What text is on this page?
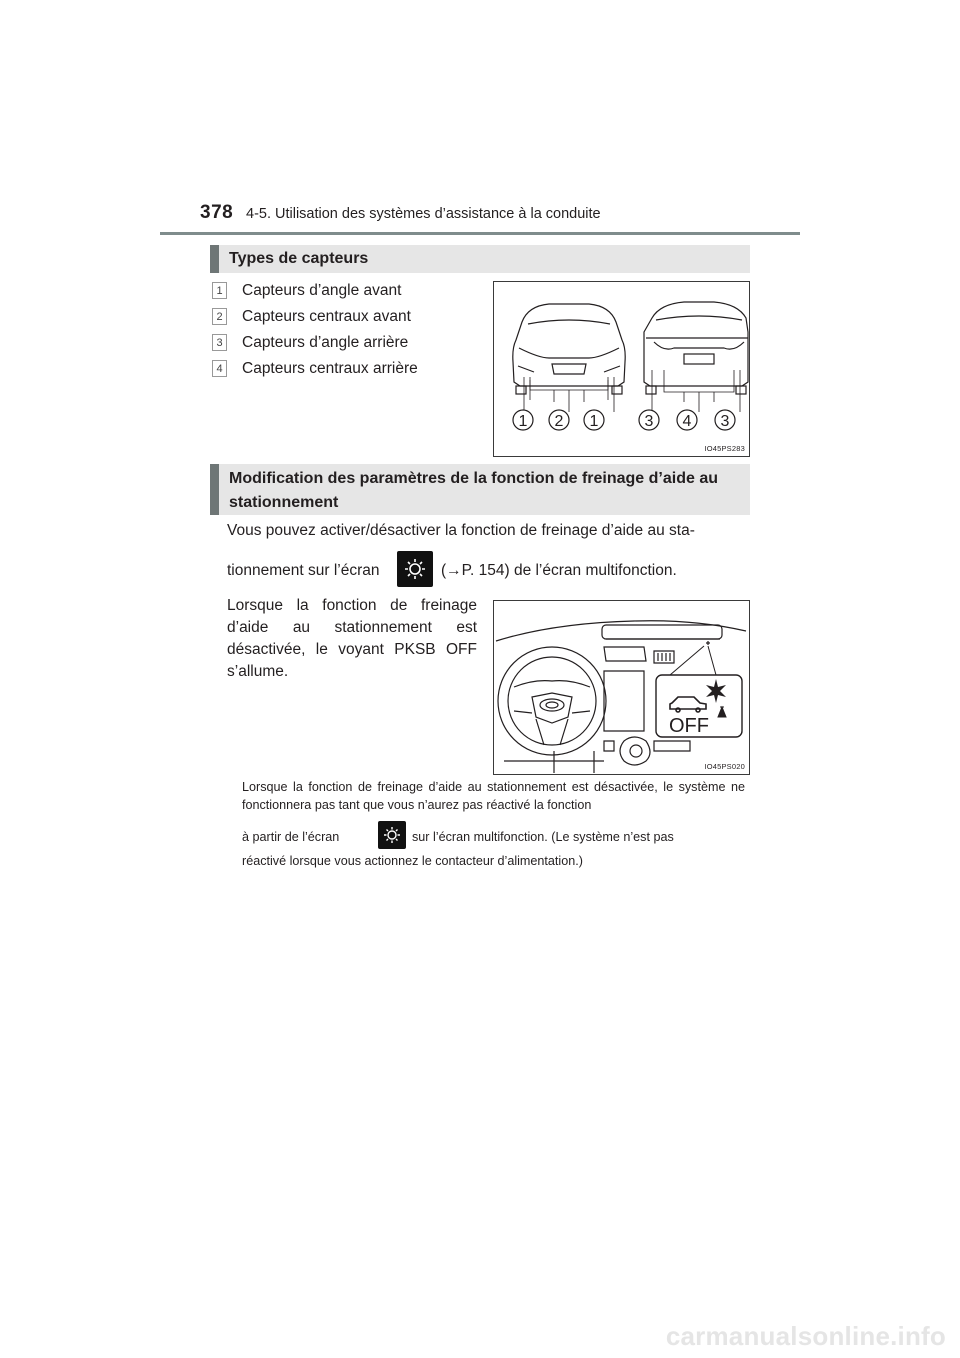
378 4-5. Utilisation des systèmes d’assistance à la conduite
Types de capteurs
1 Capteurs d’angle avant
2 Capteurs centraux avant
3 Capteurs d’angle arrière
4 Capteurs centraux arrière
1 2 1	3 4 3
IO45PS283
Modification des paramètres de la fonction de freinage d’aide au stationnement
Vous pouvez activer/désactiver la fonction de freinage d’aide au sta-
tionnement sur l’écran	(→P. 154) de l’écran multifonction.
Lorsque la fonction de freinage d’aide au stationnement est désactivée, le voyant PKSB OFF s’allume.
OFF
IO45PS020
Lorsque la fonction de freinage d’aide au stationnement est désactivée, le système ne fonctionnera pas tant que vous n’aurez pas réactivé la fonction
à partir de l’écran	sur l’écran multifonction. (Le système n’est pas
réactivé lorsque vous actionnez le contacteur d’alimentation.)
carmanualsonline.info
